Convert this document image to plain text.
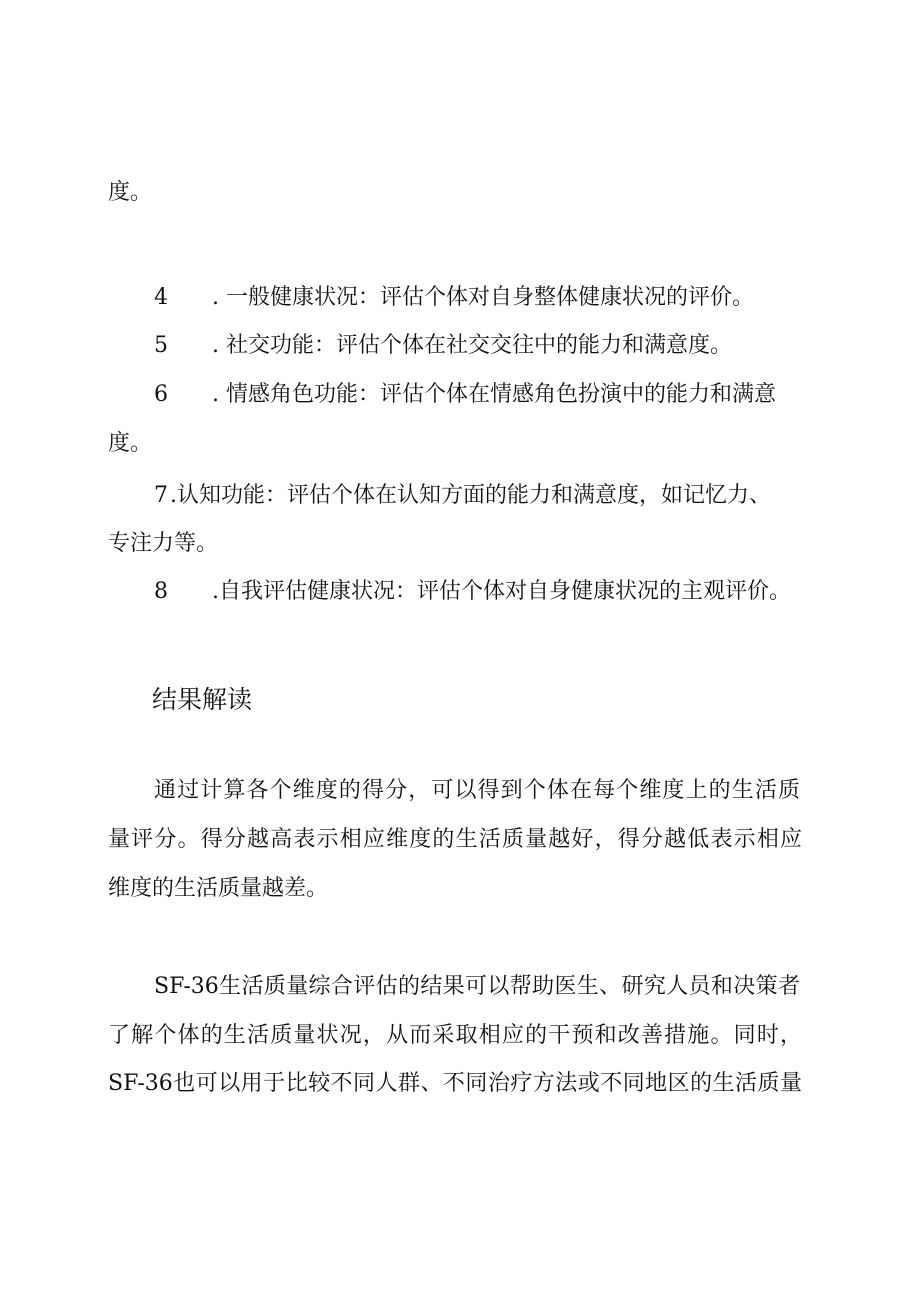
度。
4 . 一般健康状况：评估个体对自身整体健康状况的评价。
5 . 社交功能：评估个体在社交交往中的能力和满意度。
6 . 情感角色功能：评估个体在情感角色扮演中的能力和满意
度。
7.认知功能：评估个体在认知方面的能力和满意度，如记忆力、
专注力等。
8 .自我评估健康状况：评估个体对自身健康状况的主观评价。
结果解读
通过计算各个维度的得分，可以得到个体在每个维度上的生活质
量评分。得分越高表示相应维度的生活质量越好，得分越低表示相应
维度的生活质量越差。
SF-36生活质量综合评估的结果可以帮助医生、研究人员和决策者
了解个体的生活质量状况，从而采取相应的干预和改善措施。同时，
SF-36也可以用于比较不同人群、不同治疗方法或不同地区的生活质量
